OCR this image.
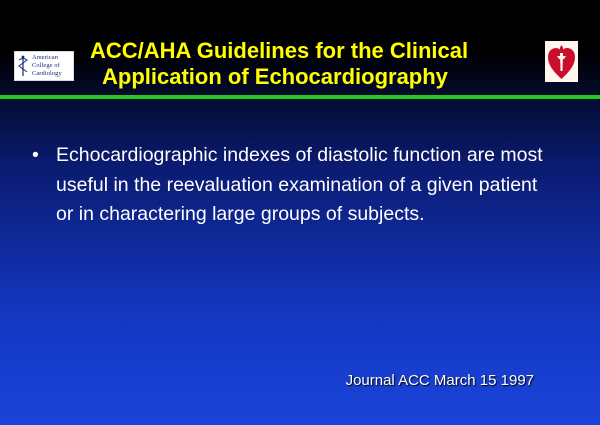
American
College of
Cardiology
ACC/AHA Guidelines for the Clinical
Application of Echocardiography
• Echocardiographic indexes of diastolic function are most useful in the reevaluation examination of a given patient or in charactering large groups of subjects.
Journal ACC March 15 1997
